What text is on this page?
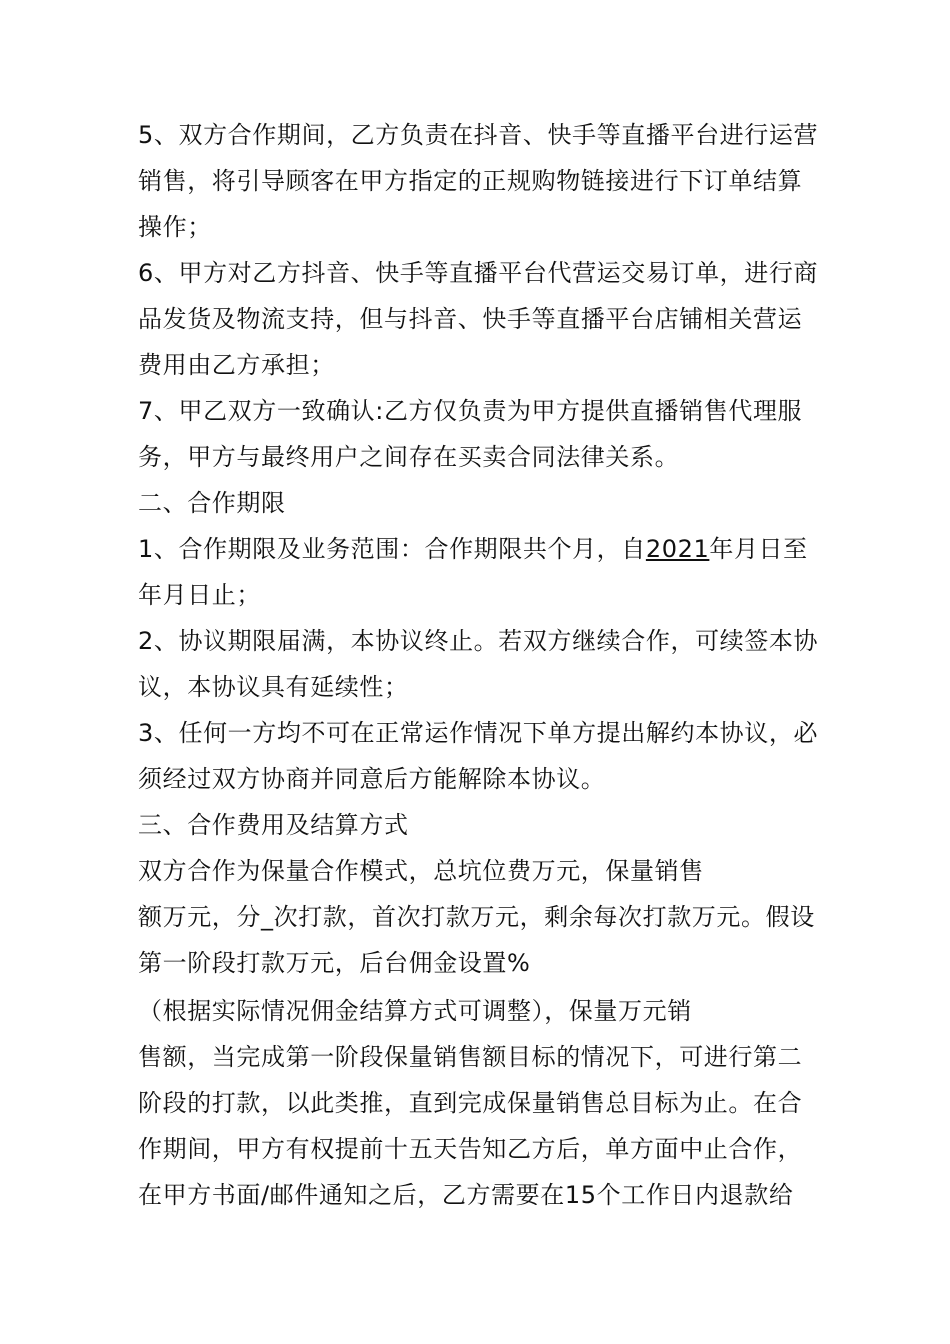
5、双方合作期间，乙方负责在抖音、快手等直播平台进行运营
销售，将引导顾客在甲方指定的正规购物链接进行下订单结算
操作；
6、甲方对乙方抖音、快手等直播平台代营运交易订单，进行商
品发货及物流支持，但与抖音、快手等直播平台店铺相关营运
费用由乙方承担；
7、甲乙双方一致确认:乙方仅负责为甲方提供直播销售代理服
务，甲方与最终用户之间存在买卖合同法律关系。
二、合作期限
1、合作期限及业务范围：合作期限共个月，自2021年月日至
年月日止；
2、协议期限届满，本协议终止。若双方继续合作，可续签本协
议，本协议具有延续性；
3、任何一方均不可在正常运作情况下单方提出解约本协议，必
须经过双方协商并同意后方能解除本协议。
三、合作费用及结算方式
双方合作为保量合作模式，总坑位费万元，保量销售
额万元，分_次打款，首次打款万元，剩余每次打款万元。假设
第一阶段打款万元，后台佣金设置%
（根据实际情况佣金结算方式可调整），保量万元销
售额，当完成第一阶段保量销售额目标的情况下，可进行第二
阶段的打款，以此类推，直到完成保量销售总目标为止。在合
作期间，甲方有权提前十五天告知乙方后，单方面中止合作，
在甲方书面/邮件通知之后，乙方需要在15个工作日内退款给
